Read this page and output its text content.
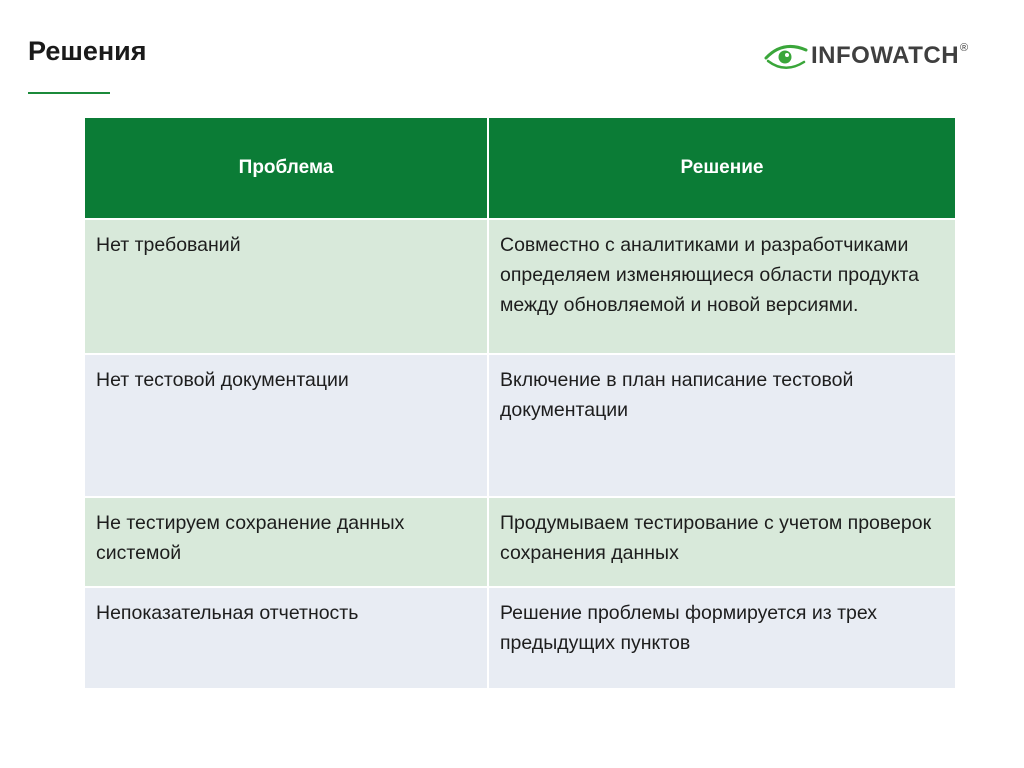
Решения	INFOWATCH ®
Проблема	Решение
Нет требований	Совместно с аналитиками и разработчиками определяем изменяющиеся области продукта между обновляемой и новой версиями.
Нет тестовой документации	Включение в план написание тестовой документации
Не тестируем сохранение данных системой	Продумываем тестирование с учетом проверок сохранения данных
Непоказательная отчетность	Решение проблемы формируется из трех предыдущих пунктов
